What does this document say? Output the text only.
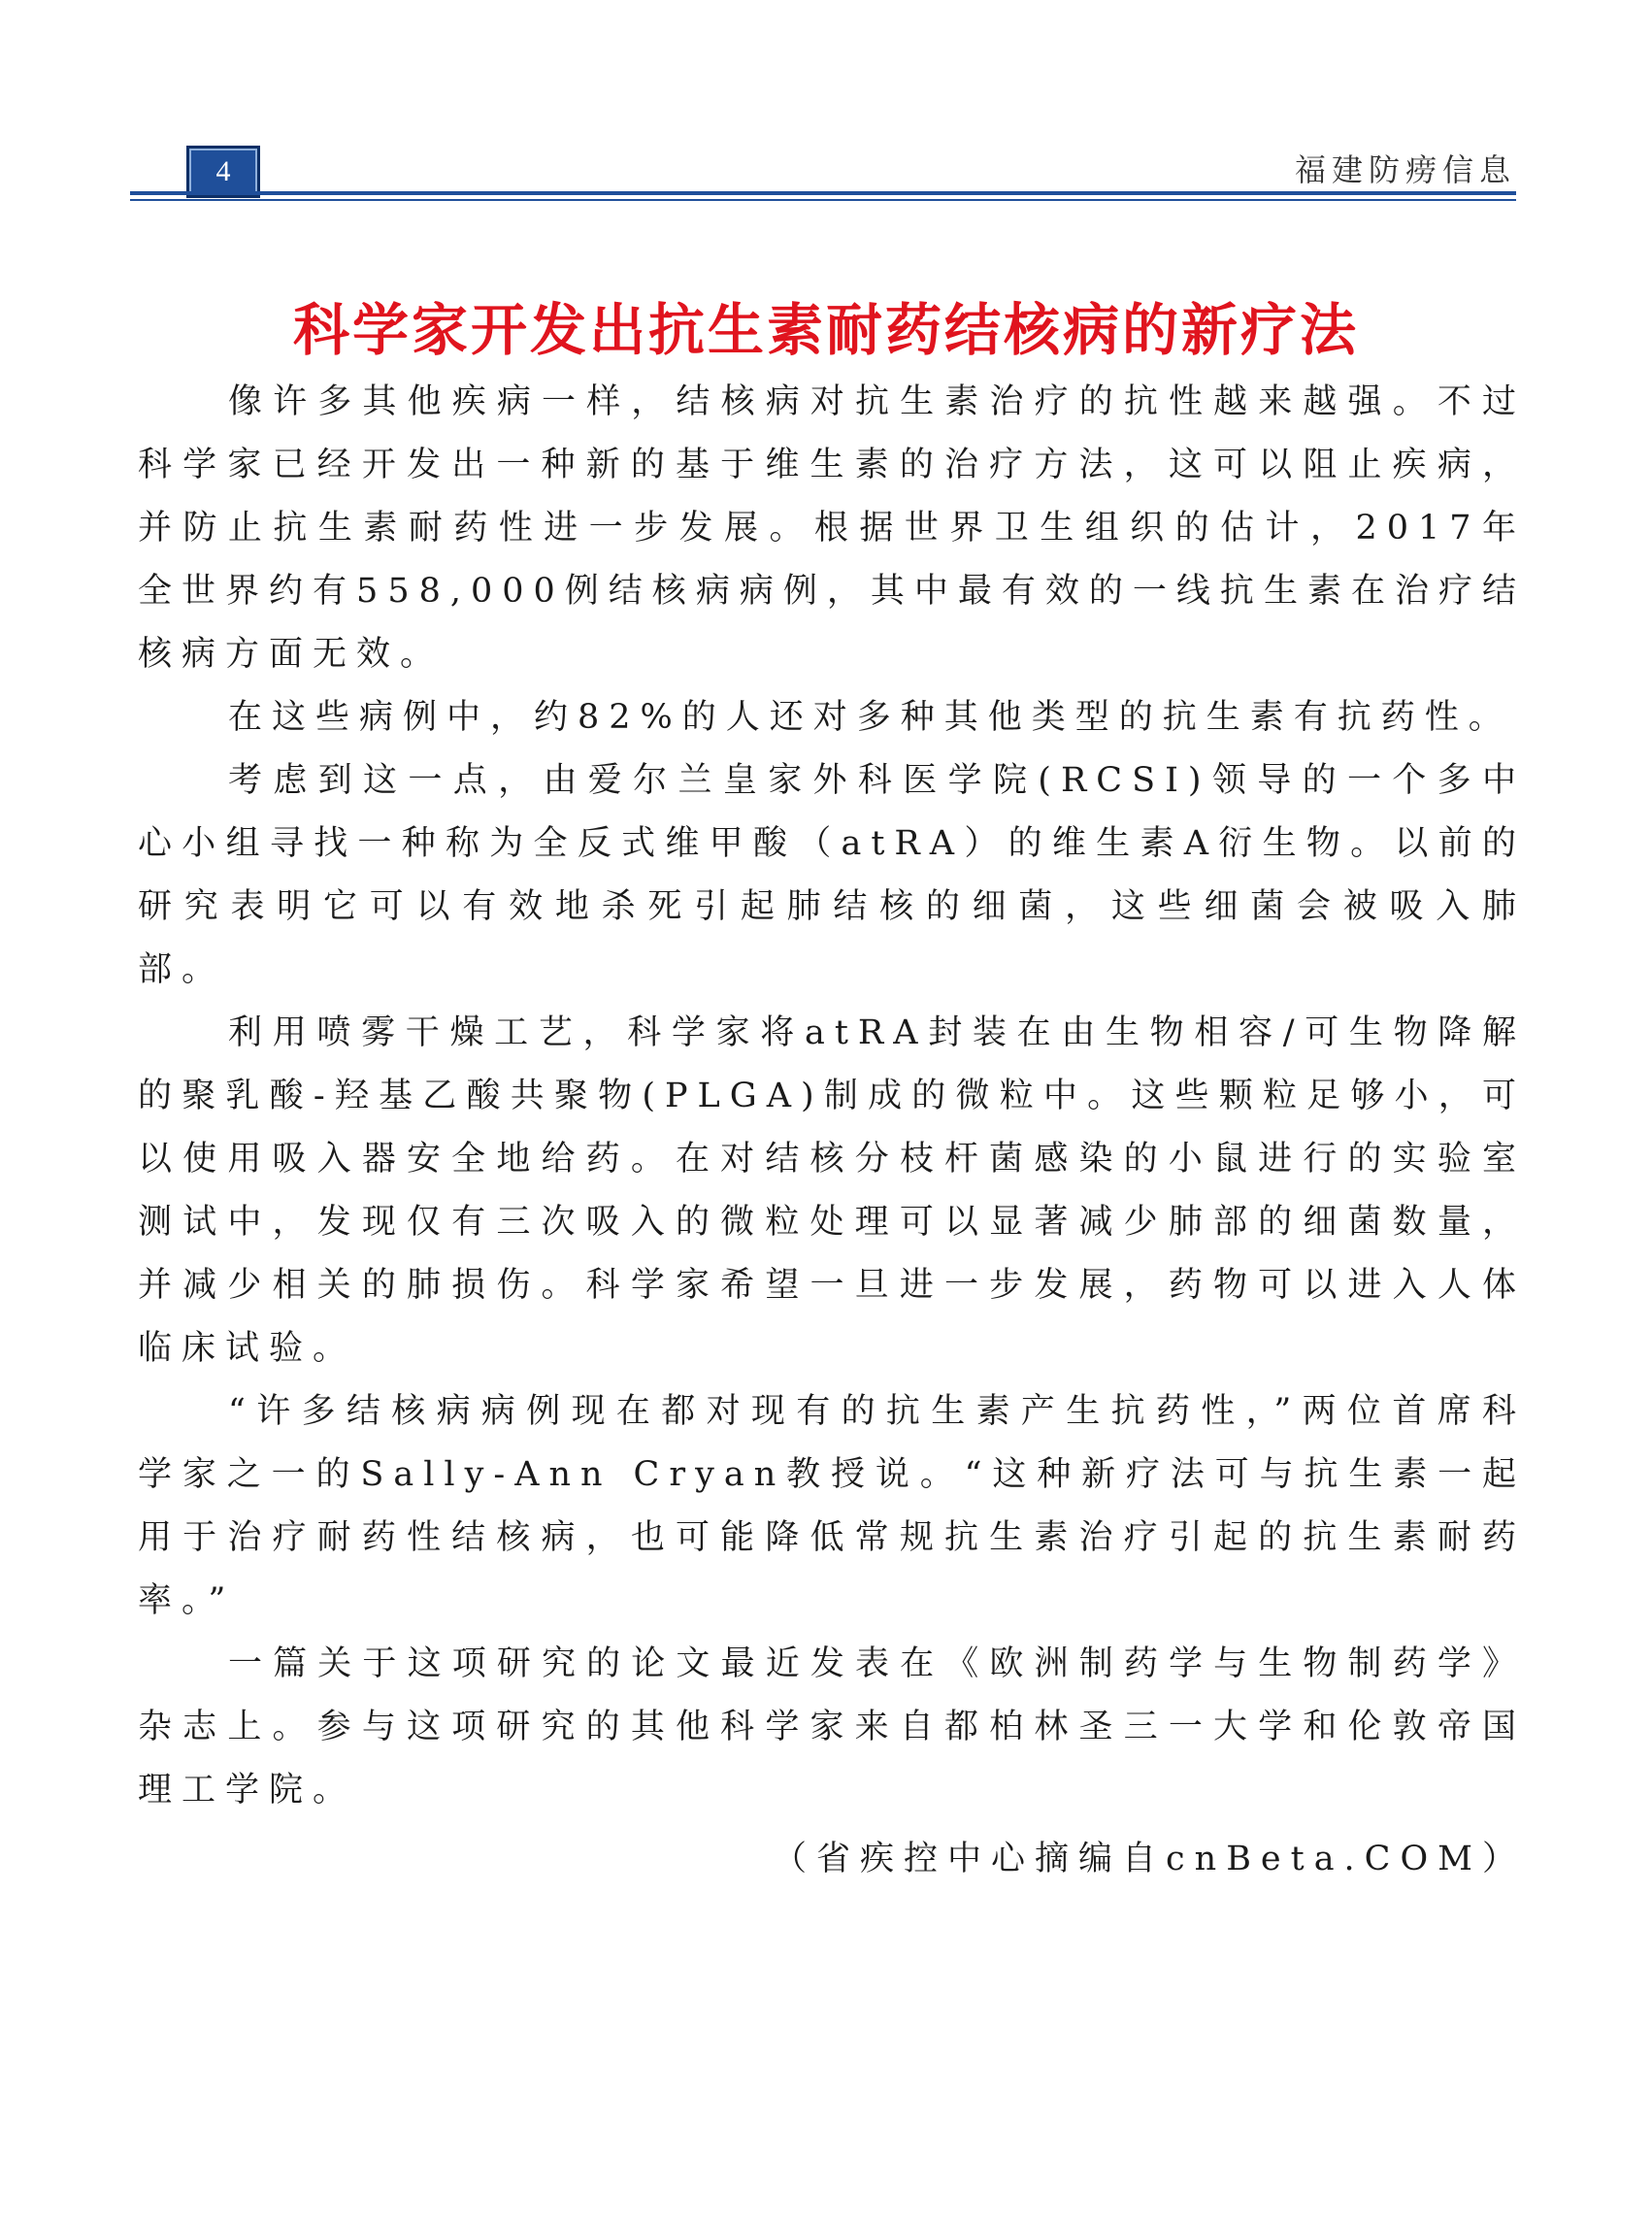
4	福建防痨信息
科学家开发出抗生素耐药结核病的新疗法

像许多其他疾病一样，结核病对抗生素治疗的抗性越来越强。不过科学家已经开发出一种新的基于维生素的治疗方法，这可以阻止疾病，并防止抗生素耐药性进一步发展。根据世界卫生组织的估计，2017年全世界约有558,000例结核病病例，其中最有效的一线抗生素在治疗结核病方面无效。

在这些病例中，约82%的人还对多种其他类型的抗生素有抗药性。

考虑到这一点，由爱尔兰皇家外科医学院(RCSI)领导的一个多中心小组寻找一种称为全反式维甲酸（atRA）的维生素A衍生物。以前的研究表明它可以有效地杀死引起肺结核的细菌，这些细菌会被吸入肺部。

利用喷雾干燥工艺，科学家将atRA封装在由生物相容/可生物降解的聚乳酸-羟基乙酸共聚物(PLGA)制成的微粒中。这些颗粒足够小，可以使用吸入器安全地给药。在对结核分枝杆菌感染的小鼠进行的实验室测试中，发现仅有三次吸入的微粒处理可以显著减少肺部的细菌数量，并减少相关的肺损伤。科学家希望一旦进一步发展，药物可以进入人体临床试验。

“许多结核病病例现在都对现有的抗生素产生抗药性，”两位首席科学家之一的Sally-Ann Cryan教授说。“这种新疗法可与抗生素一起用于治疗耐药性结核病，也可能降低常规抗生素治疗引起的抗生素耐药率。”

一篇关于这项研究的论文最近发表在《欧洲制药学与生物制药学》杂志上。参与这项研究的其他科学家来自都柏林圣三一大学和伦敦帝国理工学院。

（省疾控中心摘编自cnBeta.COM）
